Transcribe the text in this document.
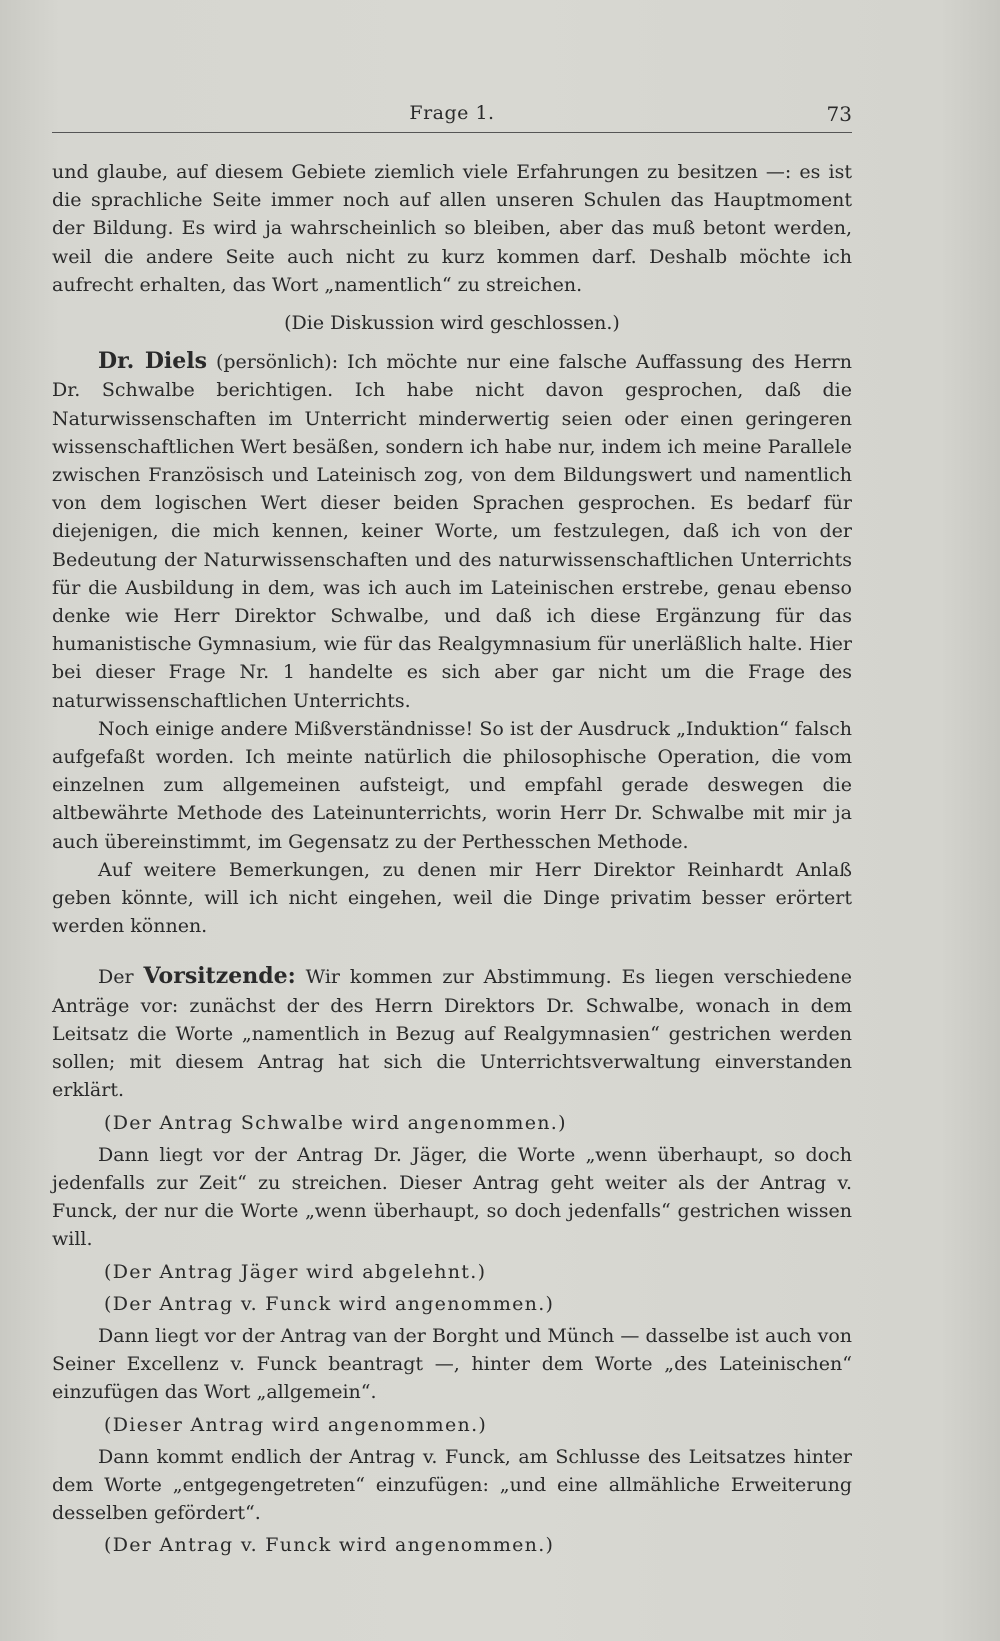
Frage 1.	73

und glaube, auf diesem Gebiete ziemlich viele Erfahrungen zu besitzen —: es ist die sprachliche Seite immer noch auf allen unseren Schulen das Hauptmoment der Bildung. Es wird ja wahrscheinlich so bleiben, aber das muß betont werden, weil die andere Seite auch nicht zu kurz kommen darf. Deshalb möchte ich aufrecht erhalten, das Wort „namentlich“ zu streichen.

(Die Diskussion wird geschlossen.)

Dr. Diels (persönlich): Ich möchte nur eine falsche Auffassung des Herrn Dr. Schwalbe berichtigen. Ich habe nicht davon gesprochen, daß die Naturwissenschaften im Unterricht minderwertig seien oder einen geringeren wissenschaftlichen Wert besäßen, sondern ich habe nur, indem ich meine Parallele zwischen Französisch und Lateinisch zog, von dem Bildungswert und namentlich von dem logischen Wert dieser beiden Sprachen gesprochen. Es bedarf für diejenigen, die mich kennen, keiner Worte, um festzulegen, daß ich von der Bedeutung der Naturwissenschaften und des naturwissenschaftlichen Unterrichts für die Ausbildung in dem, was ich auch im Lateinischen erstrebe, genau ebenso denke wie Herr Direktor Schwalbe, und daß ich diese Ergänzung für das humanistische Gymnasium, wie für das Realgymnasium für unerläßlich halte. Hier bei dieser Frage Nr. 1 handelte es sich aber gar nicht um die Frage des naturwissenschaftlichen Unterrichts.

Noch einige andere Mißverständnisse! So ist der Ausdruck „Induktion“ falsch aufgefaßt worden. Ich meinte natürlich die philosophische Operation, die vom einzelnen zum allgemeinen aufsteigt, und empfahl gerade deswegen die altbewährte Methode des Lateinunterrichts, worin Herr Dr. Schwalbe mit mir ja auch übereinstimmt, im Gegensatz zu der Perthesschen Methode.

Auf weitere Bemerkungen, zu denen mir Herr Direktor Reinhardt Anlaß geben könnte, will ich nicht eingehen, weil die Dinge privatim besser erörtert werden können.

Der Vorsitzende: Wir kommen zur Abstimmung. Es liegen verschiedene Anträge vor: zunächst der des Herrn Direktors Dr. Schwalbe, wonach in dem Leitsatz die Worte „namentlich in Bezug auf Realgymnasien“ gestrichen werden sollen; mit diesem Antrag hat sich die Unterrichtsverwaltung einverstanden erklärt.

(Der Antrag Schwalbe wird angenommen.)

Dann liegt vor der Antrag Dr. Jäger, die Worte „wenn überhaupt, so doch jedenfalls zur Zeit“ zu streichen. Dieser Antrag geht weiter als der Antrag v. Funck, der nur die Worte „wenn überhaupt, so doch jedenfalls“ gestrichen wissen will.

(Der Antrag Jäger wird abgelehnt.)

(Der Antrag v. Funck wird angenommen.)

Dann liegt vor der Antrag van der Borght und Münch — dasselbe ist auch von Seiner Excellenz v. Funck beantragt —, hinter dem Worte „des Lateinischen“ einzufügen das Wort „allgemein“.

(Dieser Antrag wird angenommen.)

Dann kommt endlich der Antrag v. Funck, am Schlusse des Leitsatzes hinter dem Worte „entgegengetreten“ einzufügen: „und eine allmähliche Erweiterung desselben gefördert“.

(Der Antrag v. Funck wird angenommen.)
